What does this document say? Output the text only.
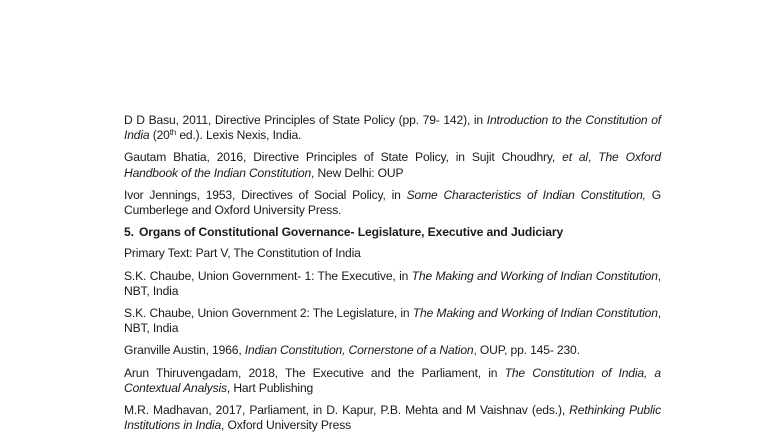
D D Basu, 2011, Directive Principles of State Policy (pp. 79- 142), in Introduction to the Constitution of India (20th ed.). Lexis Nexis, India.

Gautam Bhatia, 2016, Directive Principles of State Policy, in Sujit Choudhry, et al, The Oxford Handbook of the Indian Constitution, New Delhi: OUP

Ivor Jennings, 1953, Directives of Social Policy, in Some Characteristics of Indian Constitution, G Cumberlege and Oxford University Press.

5. Organs of Constitutional Governance- Legislature, Executive and Judiciary

Primary Text: Part V, The Constitution of India

S.K. Chaube, Union Government- 1: The Executive, in The Making and Working of Indian Constitution, NBT, India

S.K. Chaube, Union Government 2: The Legislature, in The Making and Working of Indian Constitution, NBT, India

Granville Austin, 1966, Indian Constitution, Cornerstone of a Nation, OUP, pp. 145- 230.

Arun Thiruvengadam, 2018, The Executive and the Parliament, in The Constitution of India, a Contextual Analysis, Hart Publishing

M.R. Madhavan, 2017, Parliament, in D. Kapur, P.B. Mehta and M Vaishnav (eds.), Rethinking Public Institutions in India, Oxford University Press
